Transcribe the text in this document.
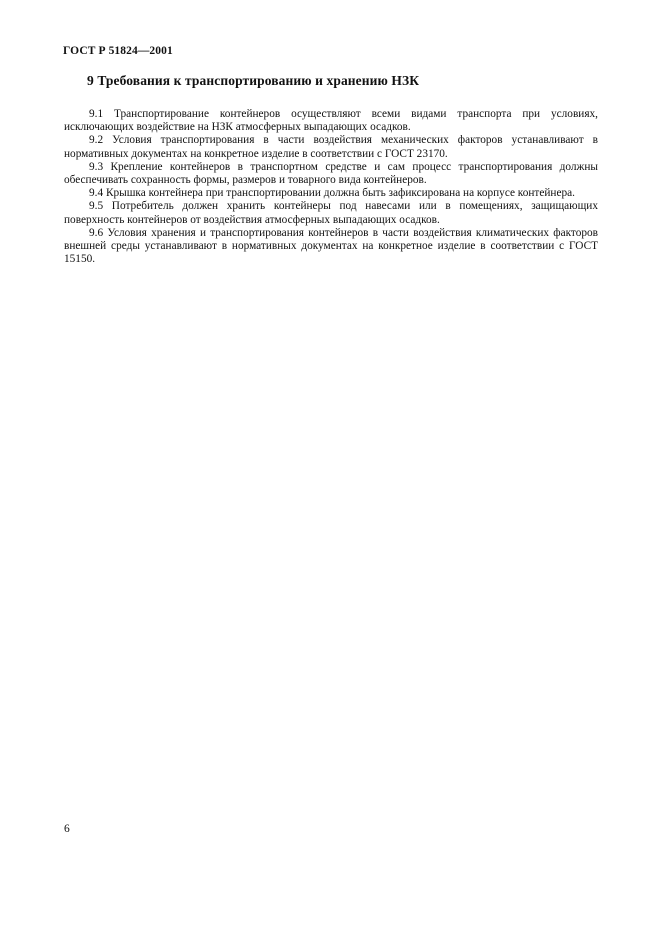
ГОСТ Р 51824—2001
9 Требования к транспортированию и хранению НЗК

9.1 Транспортирование контейнеров осуществляют всеми видами транспорта при условиях, исключающих воздействие на НЗК атмосферных выпадающих осадков.

9.2 Условия транспортирования в части воздействия механических факторов устанавливают в нормативных документах на конкретное изделие в соответствии с ГОСТ 23170.

9.3 Крепление контейнеров в транспортном средстве и сам процесс транспортирования должны обеспечивать сохранность формы, размеров и товарного вида контейнеров.

9.4 Крышка контейнера при транспортировании должна быть зафиксирована на корпусе контейнера.

9.5 Потребитель должен хранить контейнеры под навесами или в помещениях, защищающих поверхность контейнеров от воздействия атмосферных выпадающих осадков.

9.6 Условия хранения и транспортирования контейнеров в части воздействия климатических факторов внешней среды устанавливают в нормативных документах на конкретное изделие в соответствии с ГОСТ 15150.

6
